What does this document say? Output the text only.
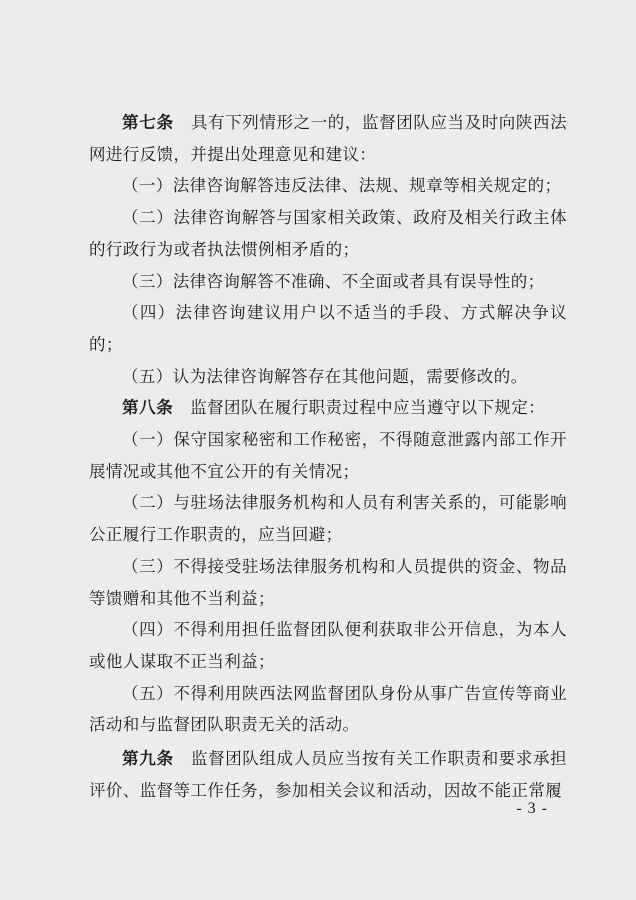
第七条　 具有下列情形之一的，监督团队应当及时向陕西法网进行反馈，并提出处理意见和建议：

（一）法律咨询解答违反法律、法规、规章等相关规定的；

（二）法律咨询解答与国家相关政策、政府及相关行政主体的行政行为或者执法惯例相矛盾的；

（三）法律咨询解答不准确、不全面或者具有误导性的；

（四）法律咨询建议用户以不适当的手段、方式解决争议的；

（五）认为法律咨询解答存在其他问题，需要修改的。

第八条　 监督团队在履行职责过程中应当遵守以下规定：

（一）保守国家秘密和工作秘密，不得随意泄露内部工作开展情况或其他不宜公开的有关情况；

（二）与驻场法律服务机构和人员有利害关系的，可能影响公正履行工作职责的，应当回避；

（三）不得接受驻场法律服务机构和人员提供的资金、物品等馈赠和其他不当利益；

（四）不得利用担任监督团队便利获取非公开信息，为本人或他人谋取不正当利益；

（五）不得利用陕西法网监督团队身份从事广告宣传等商业活动和与监督团队职责无关的活动。

第九条　 监督团队组成人员应当按有关工作职责和要求承担评价、监督等工作任务，参加相关会议和活动，因故不能正常履

- 3 -
